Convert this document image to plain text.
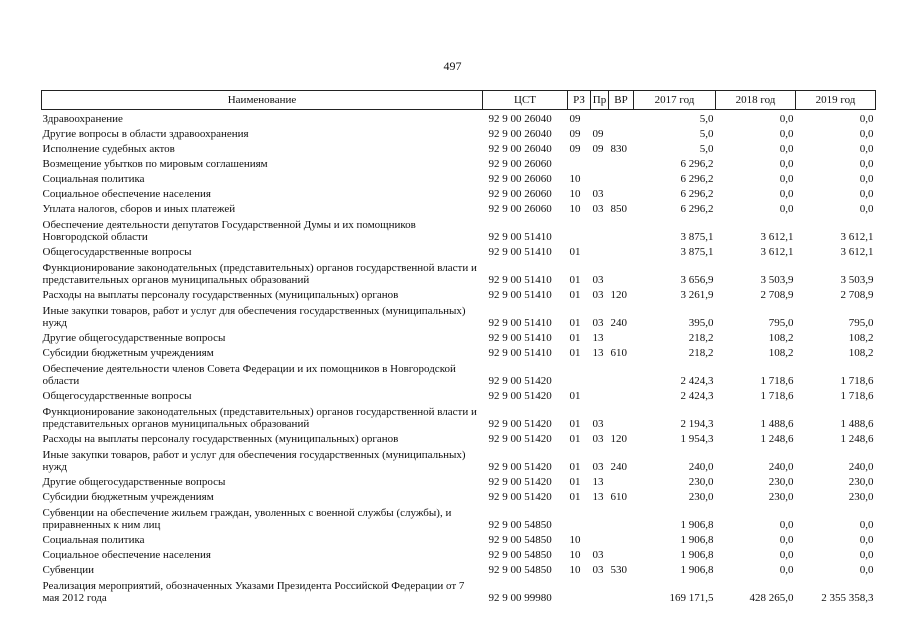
497
Наименование	ЦСТ	РЗ	Пр	ВР	2017 год	2018 год	2019 год
Здравоохранение	92 9 00 26040	09			5,0	0,0	0,0
Другие вопросы в области здравоохранения	92 9 00 26040	09	09		5,0	0,0	0,0
Исполнение судебных актов	92 9 00 26040	09	09	830	5,0	0,0	0,0
Возмещение убытков по мировым соглашениям	92 9 00 26060				6 296,2	0,0	0,0
Социальная политика	92 9 00 26060	10			6 296,2	0,0	0,0
Социальное обеспечение населения	92 9 00 26060	10	03		6 296,2	0,0	0,0
Уплата налогов, сборов и иных платежей	92 9 00 26060	10	03	850	6 296,2	0,0	0,0
Обеспечение деятельности депутатов Государственной Думы и их помощников Новгородской области	92 9 00 51410				3 875,1	3 612,1	3 612,1
Общегосударственные вопросы	92 9 00 51410	01			3 875,1	3 612,1	3 612,1
Функционирование законодательных (представительных) органов государственной власти и представительных органов муниципальных образований	92 9 00 51410	01	03		3 656,9	3 503,9	3 503,9
Расходы на выплаты персоналу государственных (муниципальных) органов	92 9 00 51410	01	03	120	3 261,9	2 708,9	2 708,9
Иные закупки товаров, работ и услуг для обеспечения государственных (муниципальных) нужд	92 9 00 51410	01	03	240	395,0	795,0	795,0
Другие общегосударственные вопросы	92 9 00 51410	01	13		218,2	108,2	108,2
Субсидии бюджетным учреждениям	92 9 00 51410	01	13	610	218,2	108,2	108,2
Обеспечение деятельности членов Совета Федерации и их помощников в Новгородской области	92 9 00 51420				2 424,3	1 718,6	1 718,6
Общегосударственные вопросы	92 9 00 51420	01			2 424,3	1 718,6	1 718,6
Функционирование законодательных (представительных) органов государственной власти и представительных органов муниципальных образований	92 9 00 51420	01	03		2 194,3	1 488,6	1 488,6
Расходы на выплаты персоналу государственных (муниципальных) органов	92 9 00 51420	01	03	120	1 954,3	1 248,6	1 248,6
Иные закупки товаров, работ и услуг для обеспечения государственных (муниципальных) нужд	92 9 00 51420	01	03	240	240,0	240,0	240,0
Другие общегосударственные вопросы	92 9 00 51420	01	13		230,0	230,0	230,0
Субсидии бюджетным учреждениям	92 9 00 51420	01	13	610	230,0	230,0	230,0
Субвенции на обеспечение жильем граждан, уволенных с военной службы (службы), и приравненных к ним лиц	92 9 00 54850				1 906,8	0,0	0,0
Социальная политика	92 9 00 54850	10			1 906,8	0,0	0,0
Социальное обеспечение населения	92 9 00 54850	10	03		1 906,8	0,0	0,0
Субвенции	92 9 00 54850	10	03	530	1 906,8	0,0	0,0
Реализация мероприятий, обозначенных Указами Президента Российской Федерации от 7 мая 2012 года	92 9 00 99980				169 171,5	428 265,0	2 355 358,3
